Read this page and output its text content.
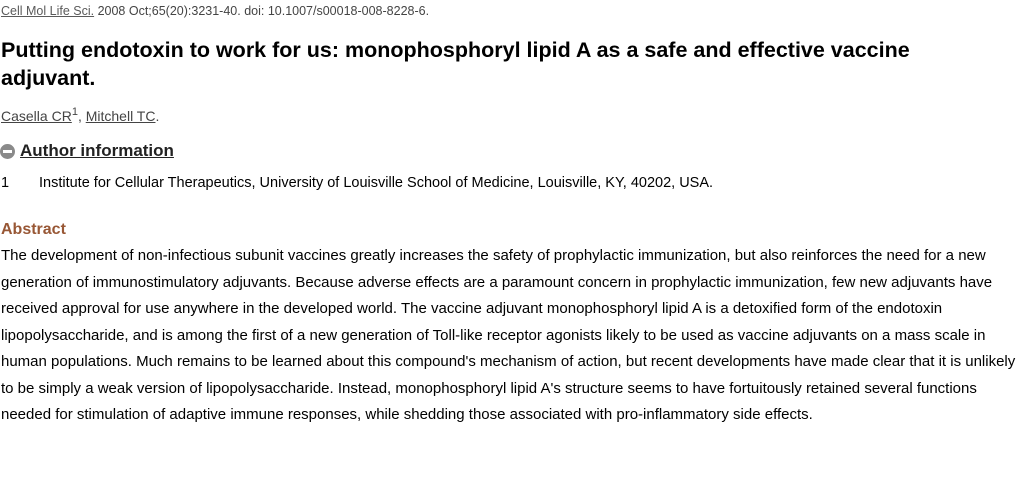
Cell Mol Life Sci. 2008 Oct;65(20):3231-40. doi: 10.1007/s00018-008-8228-6.
Putting endotoxin to work for us: monophosphoryl lipid A as a safe and effective vaccine adjuvant.
Casella $CR^1$, Mitchell TC.
Author information
1	Institute for Cellular Therapeutics, University of Louisville School of Medicine, Louisville, KY, 40202, USA.
Abstract

The development of non-infectious subunit vaccines greatly increases the safety of prophylactic immunization, but also reinforces the need for a new generation of immunostimulatory adjuvants. Because adverse effects are a paramount concern in prophylactic immunization, few new adjuvants have received approval for use anywhere in the developed world. The vaccine adjuvant monophosphoryl lipid A is a detoxified form of the endotoxin lipopolysaccharide, and is among the first of a new generation of Toll-like receptor agonists likely to be used as vaccine adjuvants on a mass scale in human populations. Much remains to be learned about this compound's mechanism of action, but recent developments have made clear that it is unlikely to be simply a weak version of lipopolysaccharide. Instead, monophosphoryl lipid A's structure seems to have fortuitously retained several functions needed for stimulation of adaptive immune responses, while shedding those associated with pro-inflammatory side effects.
